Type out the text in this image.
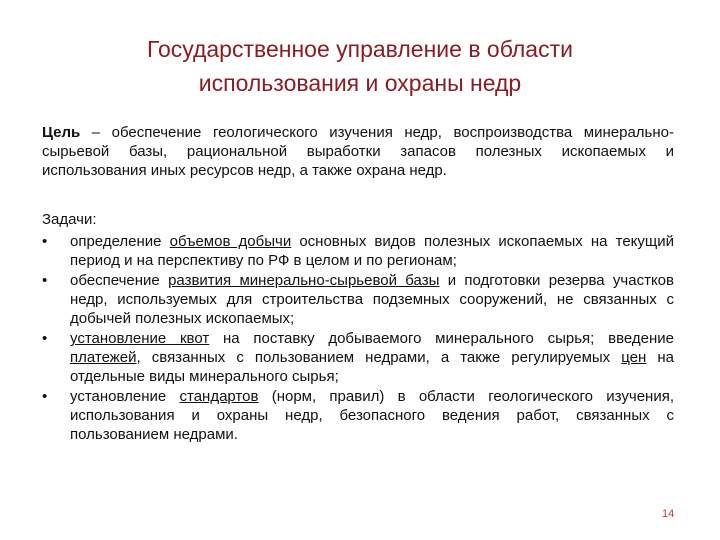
Государственное управление в области
использования и охраны недр
Цель – обеспечение геологического изучения недр, воспроизводства минерально-сырьевой базы, рациональной выработки запасов полезных ископаемых и использования иных ресурсов недр, а также охрана недр.
Задачи:
• определение объемов добычи основных видов полезных ископаемых на текущий период и на перспективу по РФ в целом и по регионам;
• обеспечение развития минерально-сырьевой базы и подготовки резерва участков недр, используемых для строительства подземных сооружений, не связанных с добычей полезных ископаемых;
• установление квот на поставку добываемого минерального сырья; введение платежей, связанных с пользованием недрами, а также регулируемых цен на отдельные виды минерального сырья;
• установление стандартов (норм, правил) в области геологического изучения, использования и охраны недр, безопасного ведения работ, связанных с пользованием недрами.
14
